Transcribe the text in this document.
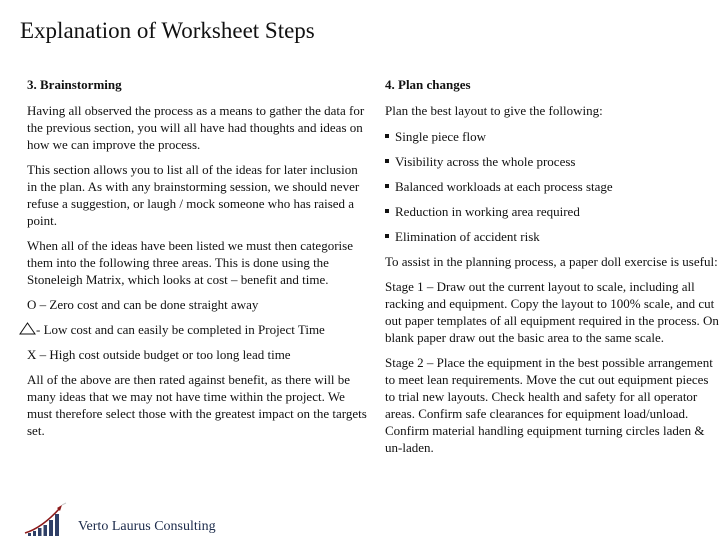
Explanation of Worksheet Steps
3. Brainstorming
Having all observed the process as a means to gather the data for the previous section, you will all have had thoughts and ideas on how we can improve the process.
This section allows you to list all of the ideas for later inclusion in the plan. As with any brainstorming session, we should never refuse a suggestion, or laugh / mock someone who has raised a point.
When all of the ideas have been listed we must then categorise them into the following three areas. This is done using the Stoneleigh Matrix, which looks at cost – benefit and time.
O – Zero cost and can be done straight away
- Low cost and can easily be completed in Project Time
X – High cost outside budget or too long lead time
All of the above are then rated against benefit, as there will be many ideas that we may not have time within the project. We must therefore select those with the greatest impact on the targets set.
4. Plan changes
Plan the best layout to give the following:
Single piece flow
Visibility across the whole process
Balanced workloads at each process stage
Reduction in working area required
Elimination of accident risk
To assist in the planning process, a paper doll exercise is useful:
Stage 1 – Draw out the current layout to scale, including all racking and equipment. Copy the layout to 100% scale, and cut out paper templates of all equipment required in the process. On blank paper draw out the basic area to the same scale.
Stage 2 – Place the equipment in the best possible arrangement to meet lean requirements. Move the cut out equipment pieces to trial new layouts. Check health and safety for all operator areas. Confirm safe clearances for equipment load/unload. Confirm material handling equipment turning circles laden & un-laden.
Verto Laurus Consulting
